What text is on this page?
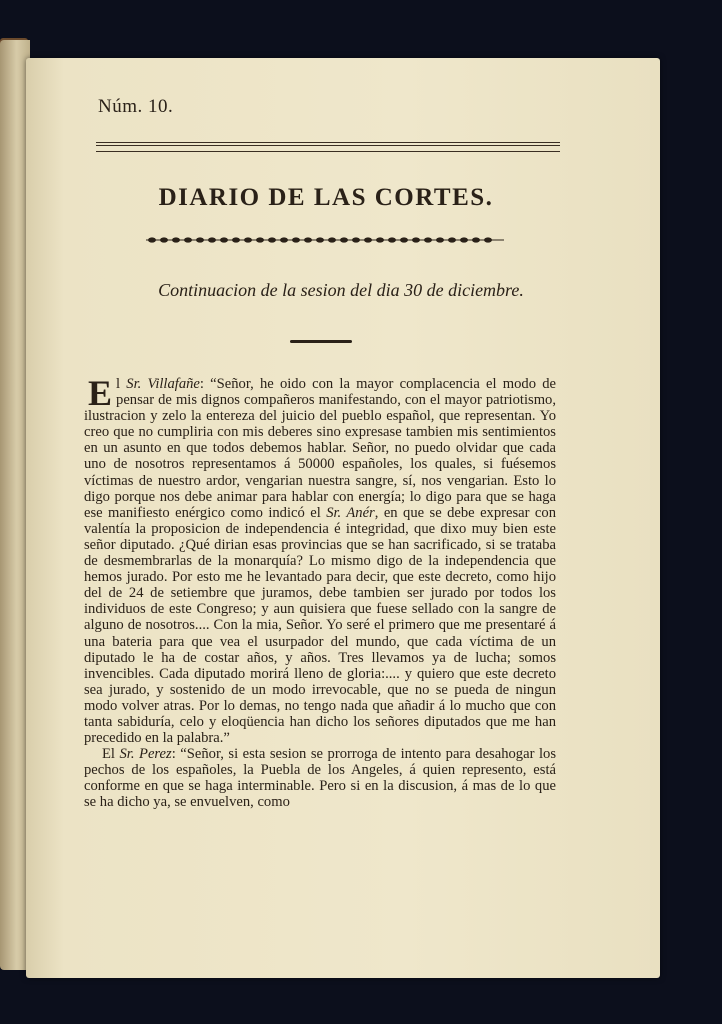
Núm. 10.
DIARIO DE LAS CORTES.
Continuacion de la sesion del dia 30 de diciembre.

El Sr. Villafañe: “Señor, he oido con la mayor complacencia el modo de pensar de mis dignos compañeros manifestando, con el mayor patriotismo, ilustracion y zelo la entereza del juicio del pueblo español, que representan. Yo creo que no cumpliria con mis deberes sino expresase tambien mis sentimientos en un asunto en que todos debemos hablar. Señor, no puedo olvidar que cada uno de nosotros representamos á 50000 españoles, los quales, si fuésemos víctimas de nuestro ardor, vengarian nuestra sangre, sí, nos vengarian. Esto lo digo porque nos debe animar para hablar con energía; lo digo para que se haga ese manifiesto enérgico como indicó el Sr. Anér, en que se debe expresar con valentía la proposicion de independencia é integridad, que dixo muy bien este señor diputado. ¿Qué dirian esas provincias que se han sacrificado, si se trataba de desmembrarlas de la monarquía? Lo mismo digo de la independencia que hemos jurado. Por esto me he levantado para decir, que este decreto, como hijo del de 24 de setiembre que juramos, debe tambien ser jurado por todos los individuos de este Congreso; y aun quisiera que fuese sellado con la sangre de alguno de nosotros.... Con la mia, Señor. Yo seré el primero que me presentaré á una bateria para que vea el usurpador del mundo, que cada víctima de un diputado le ha de costar años, y años. Tres llevamos ya de lucha; somos invencibles. Cada diputado morirá lleno de gloria:.... y quiero que este decreto sea jurado, y sostenido de un modo irrevocable, que no se pueda de ningun modo volver atras. Por lo demas, no tengo nada que añadir á lo mucho que con tanta sabiduría, celo y eloqüencia han dicho los señores diputados que me han precedido en la palabra.”

El Sr. Perez: “Señor, si esta sesion se prorroga de intento para desahogar los pechos de los españoles, la Puebla de los Angeles, á quien represento, está conforme en que se haga interminable. Pero si en la discusion, á mas de lo que se ha dicho ya, se envuelven, como
